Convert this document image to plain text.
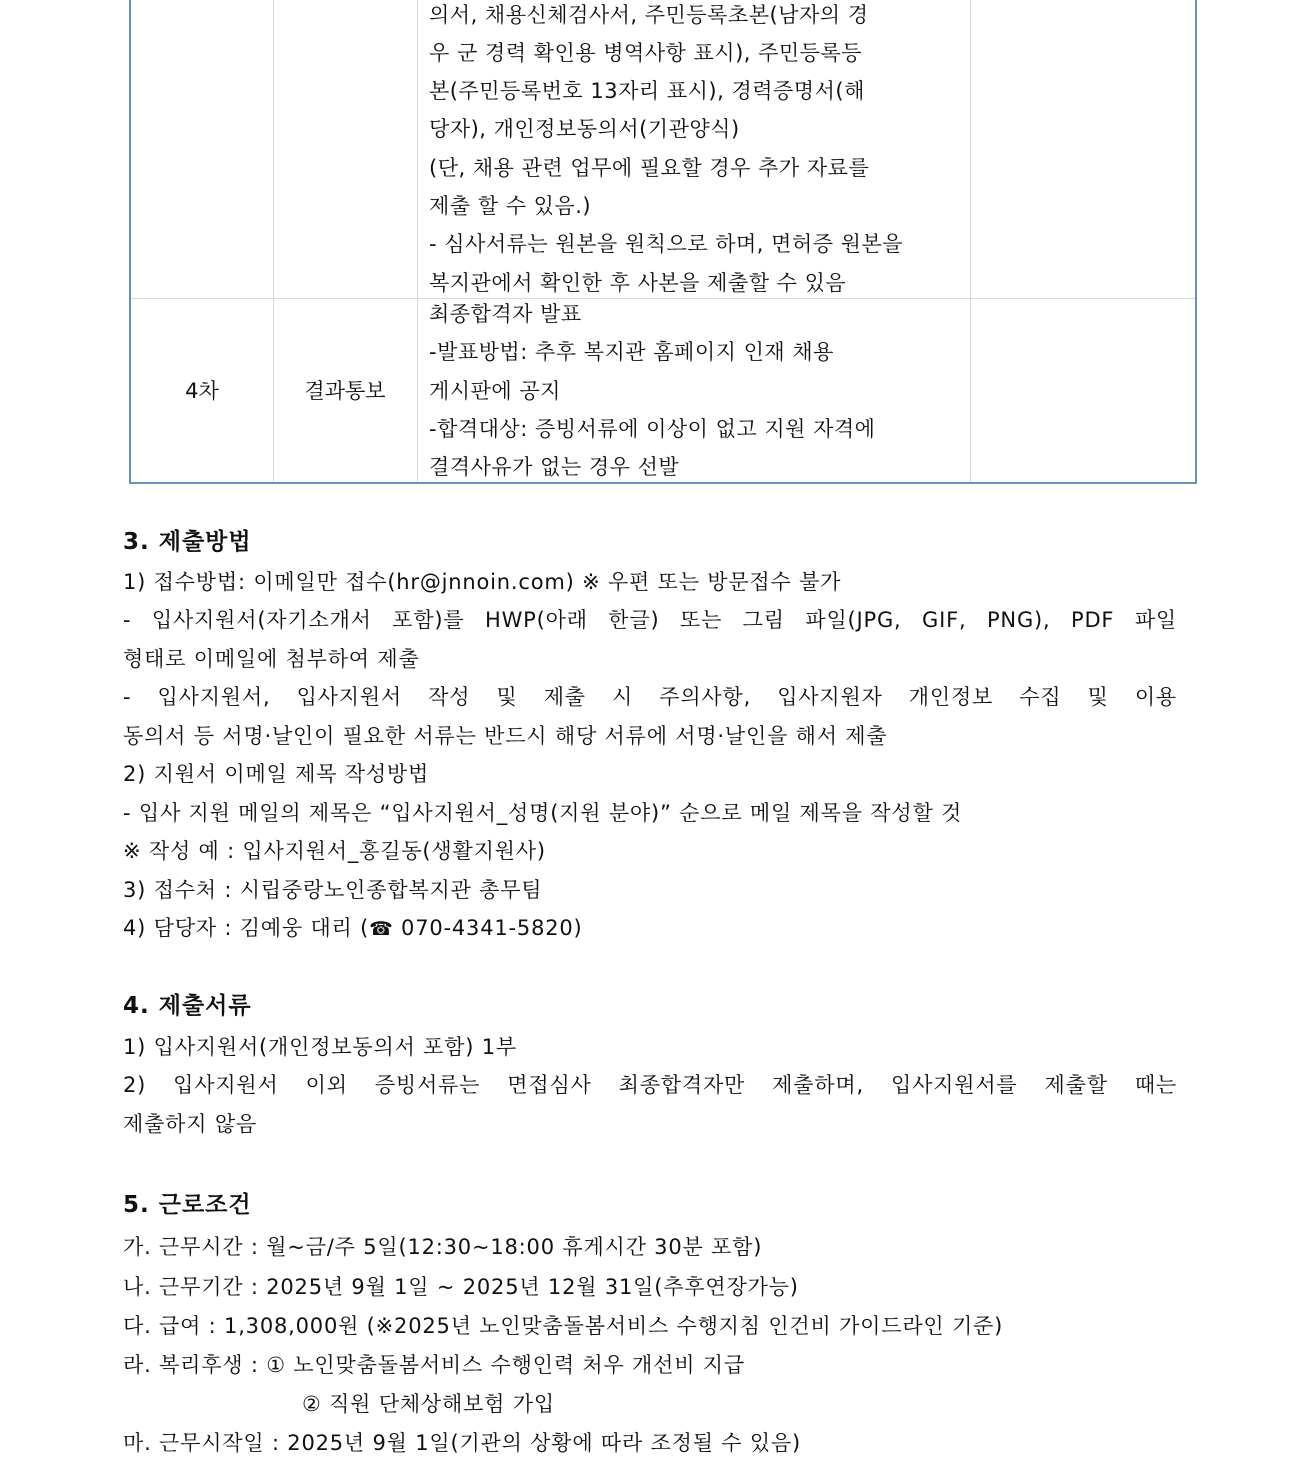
의서, 채용신체검사서, 주민등록초본(남자의 경
우 군 경력 확인용 병역사항 표시), 주민등록등
본(주민등록번호 13자리 표시), 경력증명서(해
당자), 개인정보동의서(기관양식)
(단, 채용 관련 업무에 필요할 경우 추가 자료를
제출 할 수 있음.)
- 심사서류는 원본을 원칙으로 하며, 면허증 원본을
복지관에서 확인한 후 사본을 제출할 수 있음
4차	결과통보
최종합격자 발표
-발표방법: 추후 복지관 홈페이지 인재 채용
게시판에 공지
-합격대상: 증빙서류에 이상이 없고 지원 자격에
결격사유가 없는 경우 선발
3. 제출방법
1) 접수방법: 이메일만 접수(hr@jnnoin.com) ※ 우편 또는 방문접수 불가
- 입사지원서(자기소개서 포함)를 HWP(아래 한글) 또는 그림 파일(JPG, GIF, PNG), PDF 파일
형태로 이메일에 첨부하여 제출
- 입사지원서, 입사지원서 작성 및 제출 시 주의사항, 입사지원자 개인정보 수집 및 이용
동의서 등 서명·날인이 필요한 서류는 반드시 해당 서류에 서명·날인을 해서 제출
2) 지원서 이메일 제목 작성방법
- 입사 지원 메일의 제목은 “입사지원서_성명(지원 분야)” 순으로 메일 제목을 작성할 것
※ 작성 예 : 입사지원서_홍길동(생활지원사)
3) 접수처 : 시립중랑노인종합복지관 총무팀
4) 담당자 : 김예웅 대리 (☎ 070-4341-5820)
4. 제출서류
1) 입사지원서(개인정보동의서 포함) 1부
2) 입사지원서 이외 증빙서류는 면접심사 최종합격자만 제출하며, 입사지원서를 제출할 때는
제출하지 않음
5. 근로조건
가. 근무시간 : 월~금/주 5일(12:30~18:00 휴게시간 30분 포함)
나. 근무기간 : 2025년 9월 1일 ~ 2025년 12월 31일(추후연장가능)
다. 급여 : 1,308,000원 (※2025년 노인맞춤돌봄서비스 수행지침 인건비 가이드라인 기준)
라. 복리후생 : ① 노인맞춤돌봄서비스 수행인력 처우 개선비 지급
② 직원 단체상해보험 가입
마. 근무시작일 : 2025년 9월 1일(기관의 상황에 따라 조정될 수 있음)
